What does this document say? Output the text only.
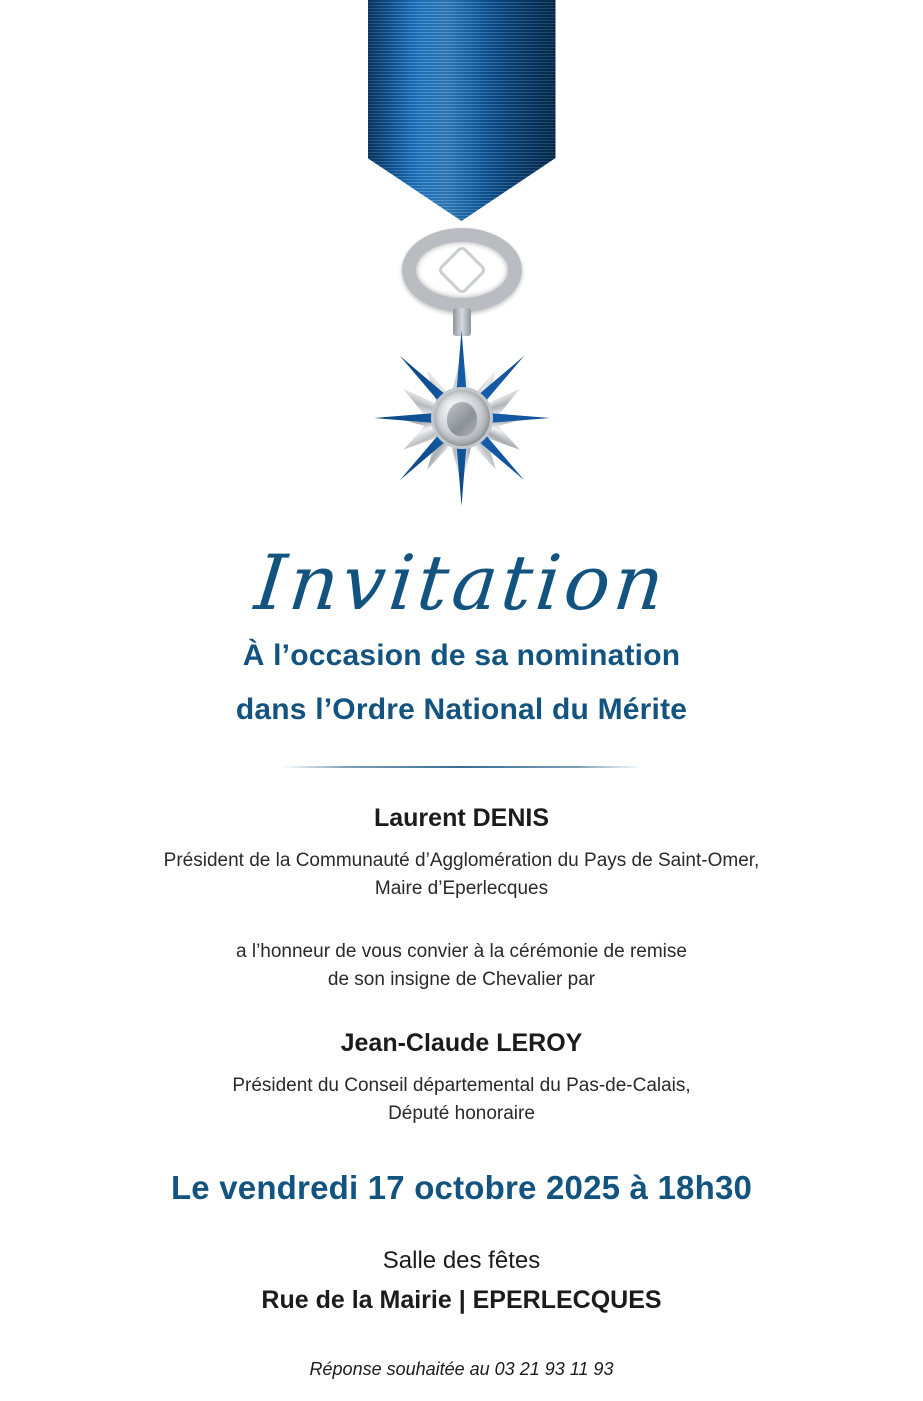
Invitation
À l’occasion de sa nomination
dans l’Ordre National du Mérite
Laurent DENIS
Président de la Communauté d’Agglomération du Pays de Saint-Omer,
Maire d’Eperlecques
a l’honneur de vous convier à la cérémonie de remise
de son insigne de Chevalier par
Jean-Claude LEROY
Président du Conseil départemental du Pas-de-Calais,
Député honoraire
Le vendredi 17 octobre 2025 à 18h30
Salle des fêtes
Rue de la Mairie | EPERLECQUES
Réponse souhaitée au 03 21 93 11 93
